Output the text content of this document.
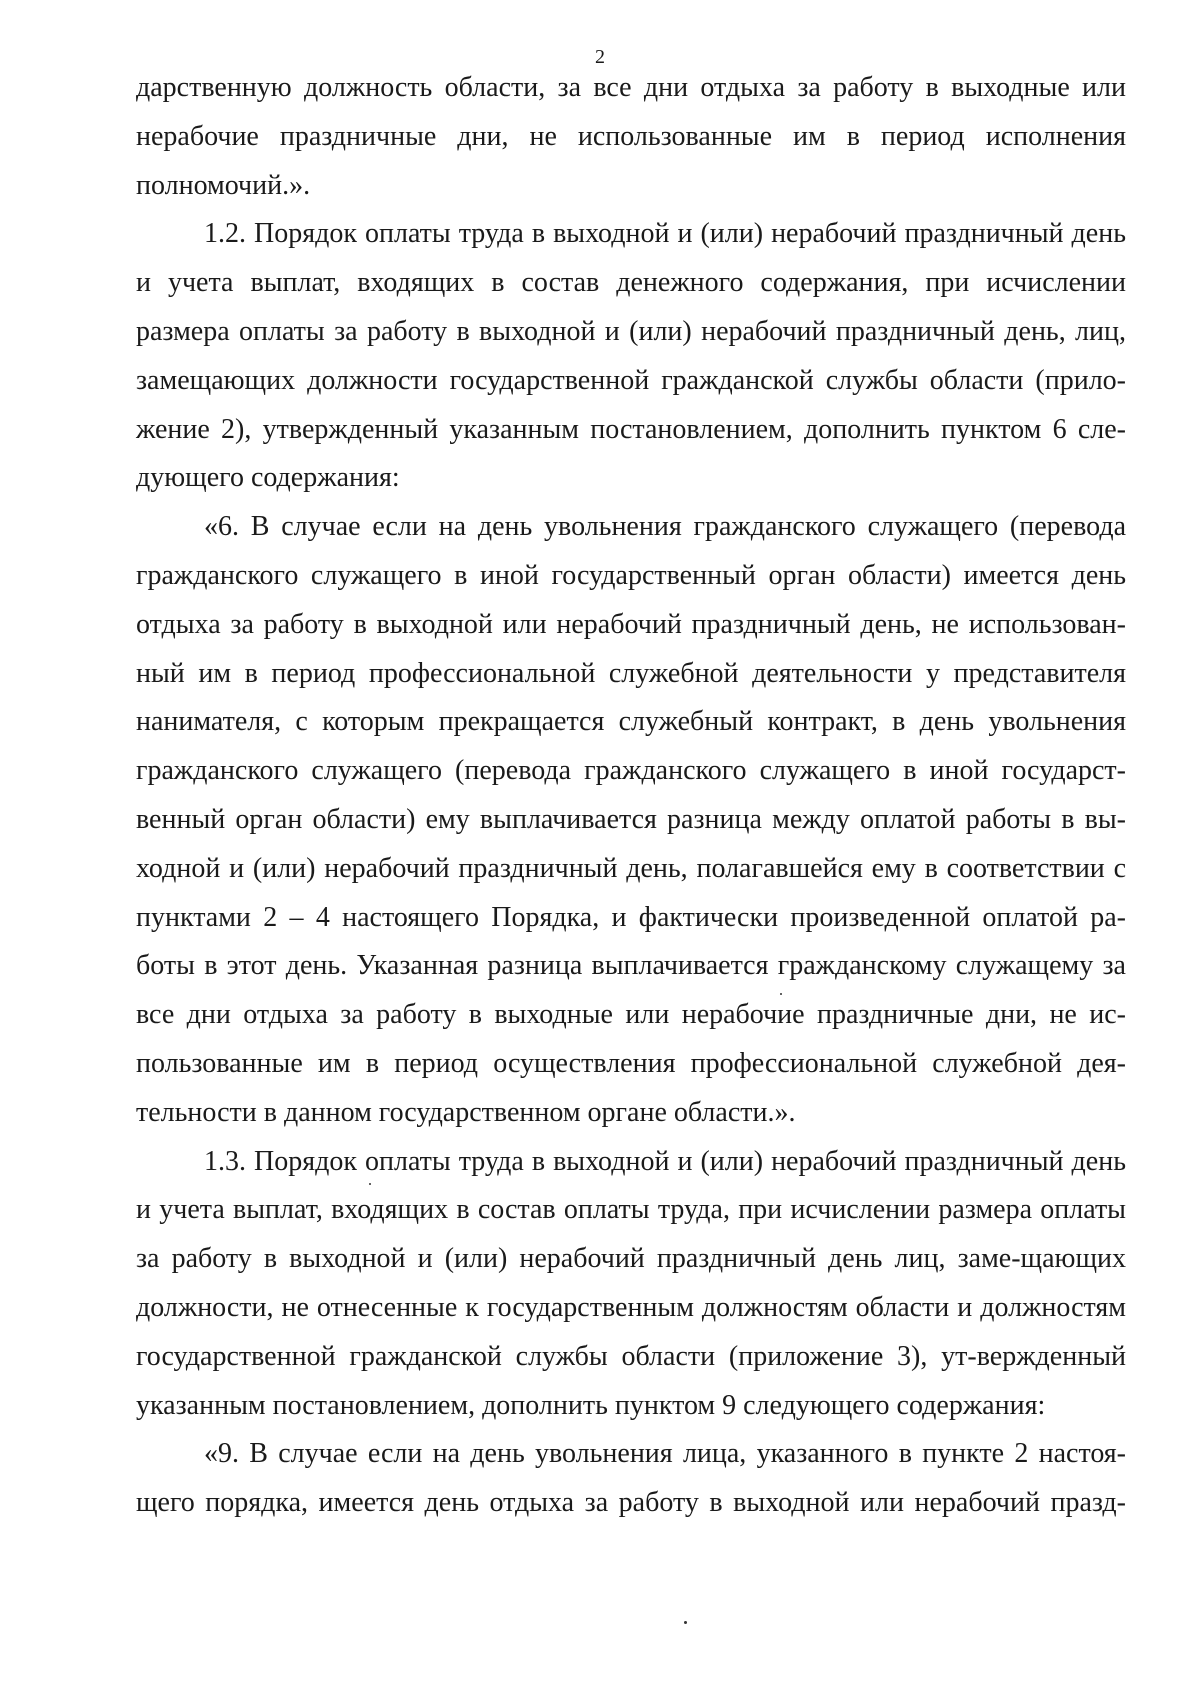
2

дарственную должность области, за все дни отдыха за работу в выходные или нерабочие праздничные дни, не использованные им в период исполнения полномочий.».

1.2. Порядок оплаты труда в выходной и (или) нерабочий праздничный день и учета выплат, входящих в состав денежного содержания, при исчислении размера оплаты за работу в выходной и (или) нерабочий праздничный день, лиц, замещающих должности государственной гражданской службы области (прило-жение 2), утвержденный указанным постановлением, дополнить пунктом 6 сле-дующего содержания:

«6. В случае если на день увольнения гражданского служащего (перевода гражданского служащего в иной государственный орган области) имеется день отдыха за работу в выходной или нерабочий праздничный день, не использован-ный им в период профессиональной служебной деятельности у представителя нанимателя, с которым прекращается служебный контракт, в день увольнения гражданского служащего (перевода гражданского служащего в иной государст-венный орган области) ему выплачивается разница между оплатой работы в вы-ходной и (или) нерабочий праздничный день, полагавшейся ему в соответствии с пунктами 2 – 4 настоящего Порядка, и фактически произведенной оплатой ра-боты в этот день. Указанная разница выплачивается гражданскому служащему за все дни отдыха за работу в выходные или нерабочие праздничные дни, не ис-пользованные им в период осуществления профессиональной служебной дея-тельности в данном государственном органе области.».

1.3. Порядок оплаты труда в выходной и (или) нерабочий праздничный день и учета выплат, входящих в состав оплаты труда, при исчислении размера оплаты за работу в выходной и (или) нерабочий праздничный день лиц, заме-щающих должности, не отнесенные к государственным должностям области и должностям государственной гражданской службы области (приложение 3), ут-вержденный указанным постановлением, дополнить пунктом 9 следующего содержания:

«9. В случае если на день увольнения лица, указанного в пункте 2 настоя-щего порядка, имеется день отдыха за работу в выходной или нерабочий празд-
